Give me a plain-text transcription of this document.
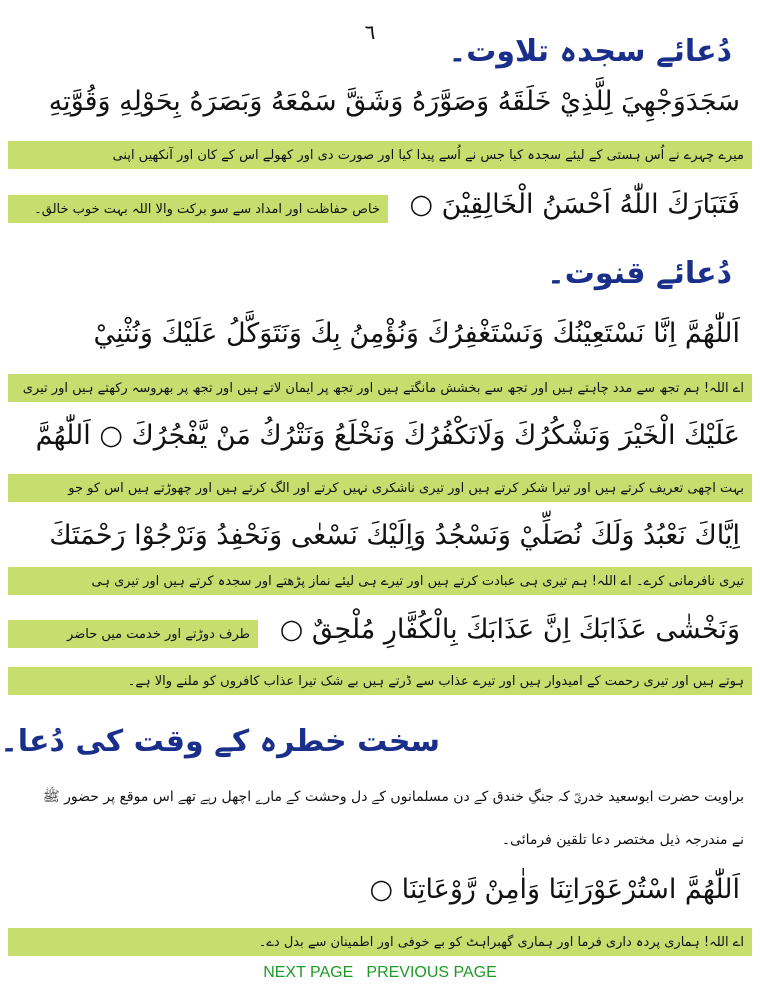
٦
دُعائے سجدہ تلاوت۔
سَجَدَوَجْهِيَ لِلَّذِيْ خَلَقَهُ وَصَوَّرَهُ وَشَقَّ سَمْعَهُ وَبَصَرَهُ بِحَوْلِهِ وَقُوَّتِهِ
میرے چہرے نے اُس ہستی کے لیئے سجدہ کیا جس نے اُسے پیدا کیا اور صورت دی اور کھولے اس کے کان اور آنکھیں اپنی
فَتَبَارَكَ اللّٰهُ اَحْسَنُ الْخَالِقِيْنَ ○
خاص حفاظت اور امداد سے سو برکت والا اللہ بہت خوب خالق۔
دُعائے قنوت۔
اَللّٰهُمَّ اِنَّا نَسْتَعِيْنُكَ وَنَسْتَغْفِرُكَ وَنُؤْمِنُ بِكَ وَنَتَوَكَّلُ عَلَيْكَ وَنُثْنِيْ
اے اللہ! ہم تجھ سے مدد چاہتے ہیں اور تجھ سے بخشش مانگتے ہیں اور تجھ پر ایمان لاتے ہیں اور تجھ پر بھروسہ رکھتے ہیں اور تیری
عَلَيْكَ الْخَيْرَ وَنَشْكُرُكَ وَلَانَكْفُرُكَ وَنَخْلَعُ وَنَتْرُكُ مَنْ يَّفْجُرُكَ ○ اَللّٰهُمَّ
بہت اچھی تعریف کرتے ہیں اور تیرا شکر کرتے ہیں اور تیری ناشکری نہیں کرتے اور الگ کرتے ہیں اور چھوڑتے ہیں اس کو جو
اِيَّاكَ نَعْبُدُ وَلَكَ نُصَلِّيْ وَنَسْجُدُ وَاِلَيْكَ نَسْعٰى وَنَحْفِدُ وَنَرْجُوْا رَحْمَتَكَ
تیری نافرمانی کرے۔ اے اللہ! ہم تیری ہی عبادت کرتے ہیں اور تیرے ہی لیئے نماز پڑھتے اور سجدہ کرتے ہیں اور تیری ہی
وَنَخْشٰى عَذَابَكَ اِنَّ عَذَابَكَ بِالْكُفَّارِ مُلْحِقٌ ○
طرف دوڑتے اور خدمت میں حاضر
ہوتے ہیں اور تیری رحمت کے امیدوار ہیں اور تیرے عذاب سے ڈرتے ہیں بے شک تیرا عذاب کافروں کو ملنے والا ہے۔
سخت خطرہ کے وقت کی دُعا۔
براویت حضرت ابوسعید خدریؓ کہ جنگِ خندق کے دن مسلمانوں کے دل وحشت کے مارے اچھل رہے تھے اس موقع پر حضور ﷺ
نے مندرجہ ذیل مختصر دعا تلقین فرمائی۔
اَللّٰهُمَّ اسْتُرْعَوْرَاتِنَا وَاٰمِنْ رَّوْعَاتِنَا ○
اے اللہ! ہماری پردہ داری فرما اور ہماری گھبراہٹ کو بے خوفی اور اطمینان سے بدل دے۔
NEXT PAGE PREVIOUS PAGE
